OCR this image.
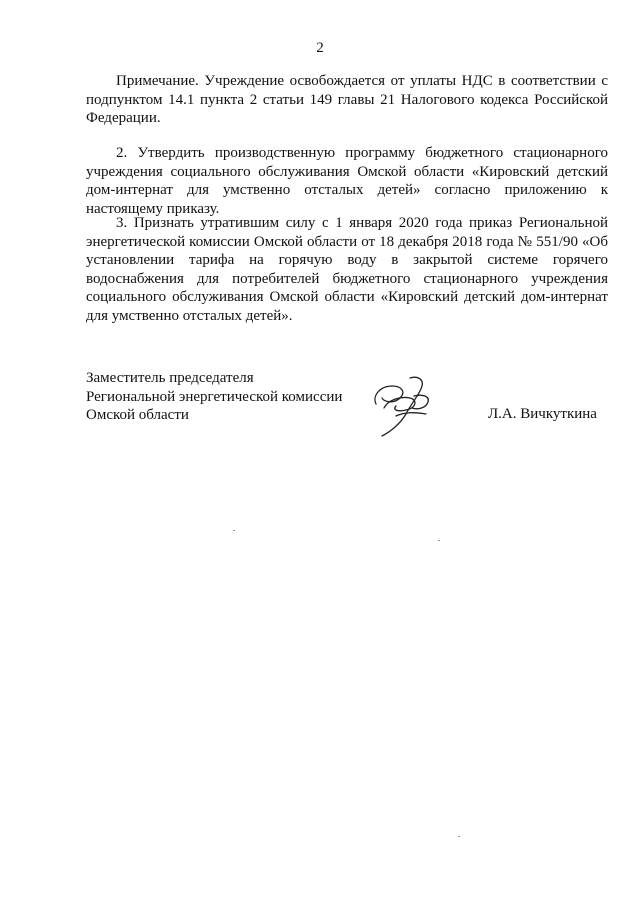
2

Примечание. Учреждение освобождается от уплаты НДС в соответствии с подпунктом 14.1 пункта 2 статьи 149 главы 21 Налогового кодекса Российской Федерации.

2. Утвердить производственную программу бюджетного стационарного учреждения социального обслуживания Омской области «Кировский детский дом-интернат для умственно отсталых детей» согласно приложению к настоящему приказу.

3. Признать утратившим силу с 1 января 2020 года приказ Региональной энергетической комиссии Омской области от 18 декабря 2018 года № 551/90 «Об установлении тарифа на горячую воду в закрытой системе горячего водоснабжения для потребителей бюджетного стационарного учреждения социального обслуживания Омской области «Кировский детский дом-интернат для умственно отсталых детей».

Заместитель председателя
Региональной энергетической комиссии
Омской области	Л.А. Вичкуткина
